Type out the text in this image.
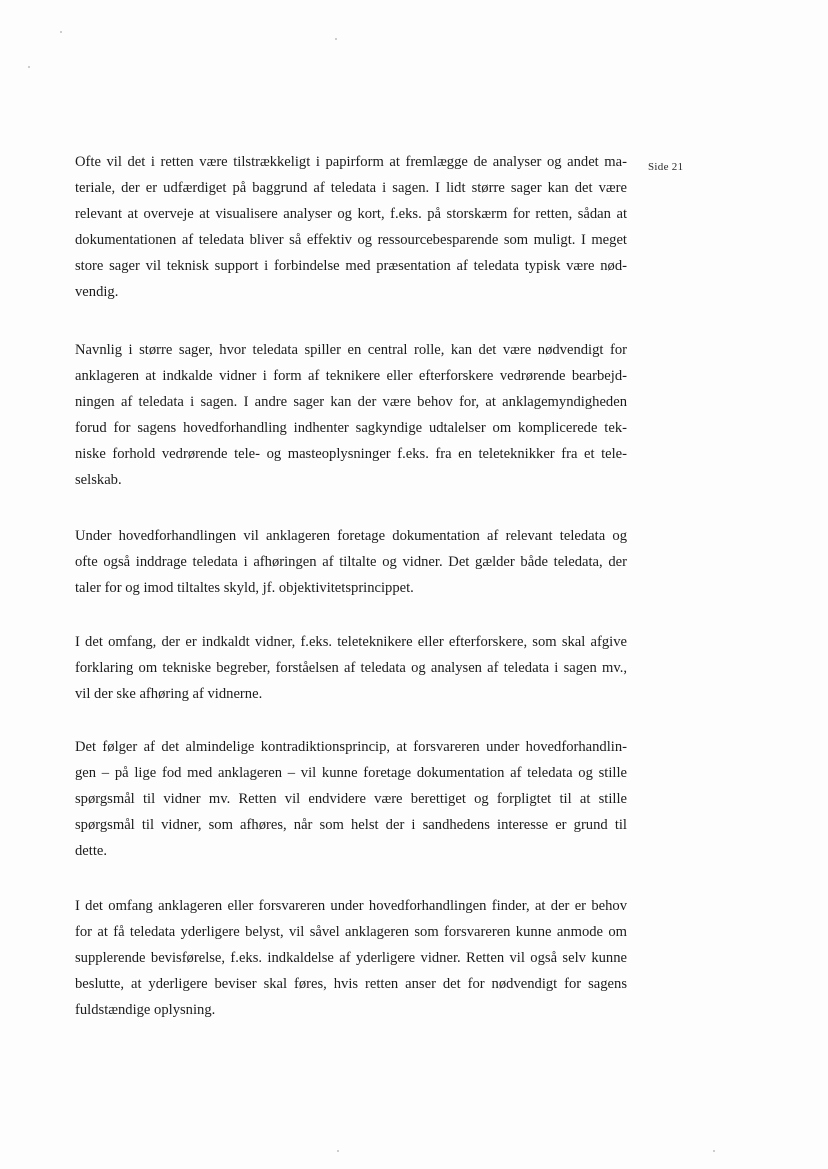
Side 21
Ofte vil det i retten være tilstrækkeligt i papirform at fremlægge de analyser og andet ma-
teriale, der er udfærdiget på baggrund af teledata i sagen. I lidt større sager kan det være
relevant at overveje at visualisere analyser og kort, f.eks. på storskærm for retten, sådan at
dokumentationen af teledata bliver så effektiv og ressourcebesparende som muligt. I meget
store sager vil teknisk support i forbindelse med præsentation af teledata typisk være nød-
vendig.
Navnlig i større sager, hvor teledata spiller en central rolle, kan det være nødvendigt for
anklageren at indkalde vidner i form af teknikere eller efterforskere vedrørende bearbejd-
ningen af teledata i sagen. I andre sager kan der være behov for, at anklagemyndigheden
forud for sagens hovedforhandling indhenter sagkyndige udtalelser om komplicerede tek-
niske forhold vedrørende tele- og masteoplysninger f.eks. fra en teleteknikker fra et tele-
selskab.
Under hovedforhandlingen vil anklageren foretage dokumentation af relevant teledata og
ofte også inddrage teledata i afhøringen af tiltalte og vidner. Det gælder både teledata, der
taler for og imod tiltaltes skyld, jf. objektivitetsprincippet.
I det omfang, der er indkaldt vidner, f.eks. teleteknikere eller efterforskere, som skal afgive
forklaring om tekniske begreber, forståelsen af teledata og analysen af teledata i sagen mv.,
vil der ske afhøring af vidnerne.
Det følger af det almindelige kontradiktionsprincip, at forsvareren under hovedforhandlin-
gen – på lige fod med anklageren – vil kunne foretage dokumentation af teledata og stille
spørgsmål til vidner mv. Retten vil endvidere være berettiget og forpligtet til at stille
spørgsmål til vidner, som afhøres, når som helst der i sandhedens interesse er grund til
dette.
I det omfang anklageren eller forsvareren under hovedforhandlingen finder, at der er behov
for at få teledata yderligere belyst, vil såvel anklageren som forsvareren kunne anmode om
supplerende bevisførelse, f.eks. indkaldelse af yderligere vidner. Retten vil også selv kunne
beslutte, at yderligere beviser skal føres, hvis retten anser det for nødvendigt for sagens
fuldstændige oplysning.
